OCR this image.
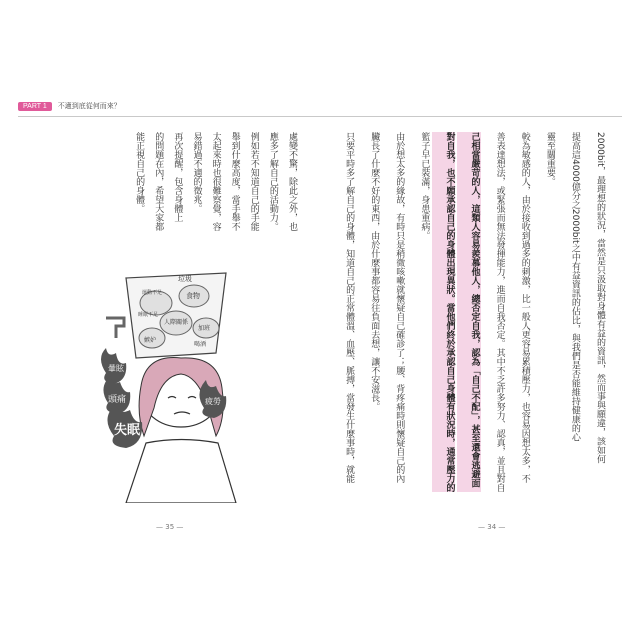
PART 1	不適到底從何而來？
2000bit，最理想的狀況，當然是只汲取對身體有益的資訊，然而事與願違，該如何
提高這4000億分之2000bit之中有益資訊的佔比，與我們是否能維持健康的心
靈至關重要。
較為敏感的人，由於接收到過多的刺激，比一般人更容易累積壓力，也容易因想太多，不
善表達想法，或緊張而無法發揮能力，進而自我否定。其中不乏許多努力、認真，並且對自
己相當嚴苛的人，這類人容易羨慕他人，總否定自我，認為「自己不配」，甚至還會逃避面
對自我，也不願承認自己的身體出現異狀。當他們終於承認自己身體有狀況時，通常壓力的
籃子早已裝滿，身患重病。
由於想太多的緣故，有時只是稍微咳嗽就懷疑自己確診了；腰、背疼痛時則懷疑自己的內
臟長了什麼不好的東西，由於什麼事都容易往負面去想，讓不安滋長。
只要平時多了解自己的身體，知道自己的正常體溫、血壓、脈搏，當發生什麼事時，就能
— 34 —
處變不驚，除此之外，也
應多了解自己的活動力。
例如若不知道自己的手能
舉到什麼高度，當手舉不
太起來時也很難察覺，容
易錯過不適的徵兆。
再次提醒，包含身體上
的問題在內，希望大家都
能正視自己的身體。
— 35 —
垃圾
運動不足	食物
睡眠不足
人際關係
加班
嫉妒
喝酒
暈眩
頭痛	疲勞
失眠
